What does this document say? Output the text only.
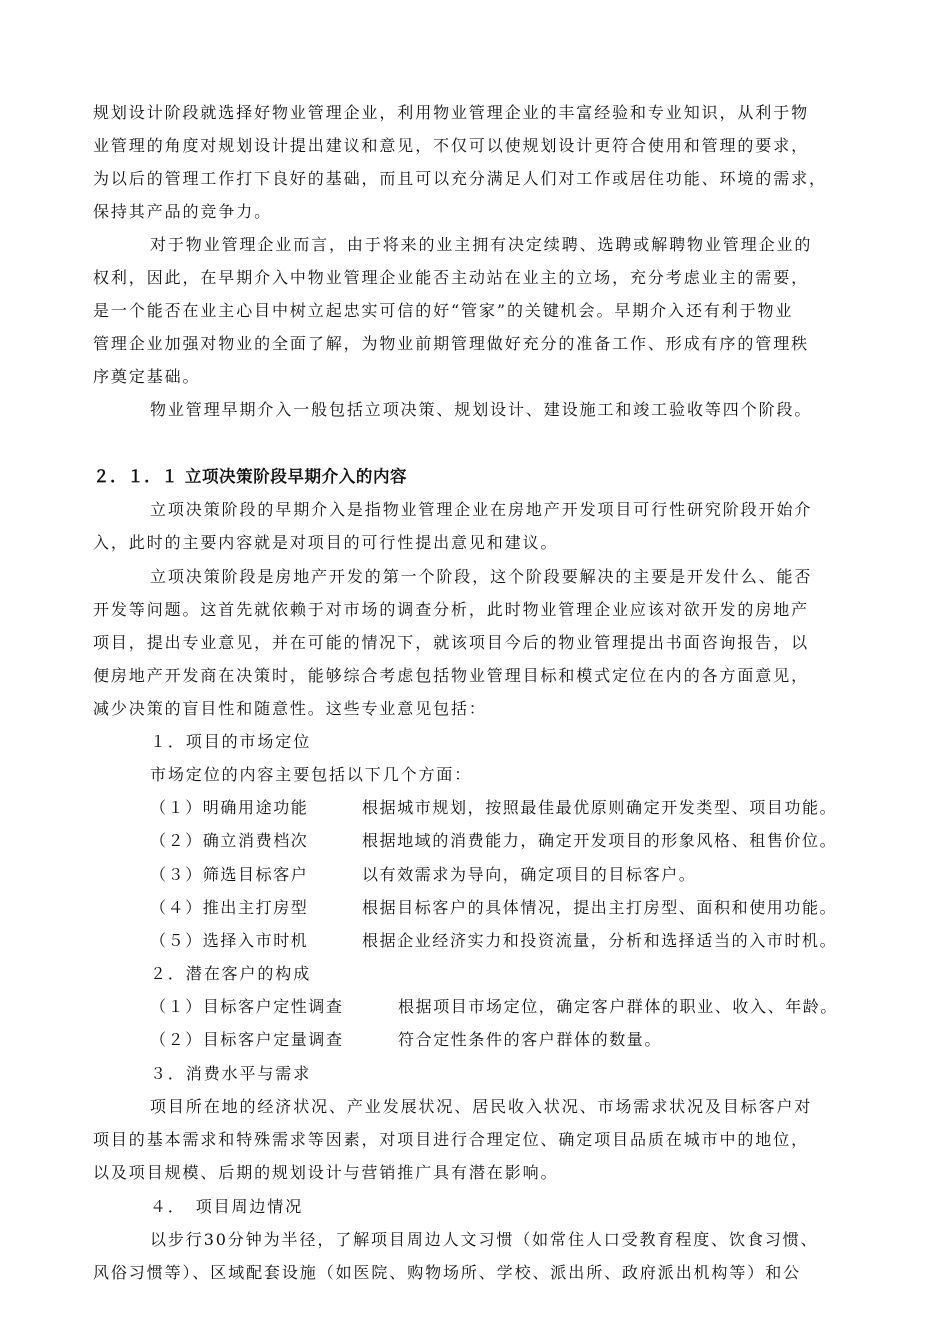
规划设计阶段就选择好物业管理企业，利用物业管理企业的丰富经验和专业知识，从利于物
业管理的角度对规划设计提出建议和意见，不仅可以使规划设计更符合使用和管理的要求，
为以后的管理工作打下良好的基础，而且可以充分满足人们对工作或居住功能、环境的需求，
保持其产品的竞争力。
对于物业管理企业而言，由于将来的业主拥有决定续聘、选聘或解聘物业管理企业的
权利，因此，在早期介入中物业管理企业能否主动站在业主的立场，充分考虑业主的需要，
是一个能否在业主心目中树立起忠实可信的好“管家”的关键机会。早期介入还有利于物业
管理企业加强对物业的全面了解，为物业前期管理做好充分的准备工作、形成有序的管理秩
序奠定基础。
物业管理早期介入一般包括立项决策、规划设计、建设施工和竣工验收等四个阶段。
２．１．１ 立项决策阶段早期介入的内容
立项决策阶段的早期介入是指物业管理企业在房地产开发项目可行性研究阶段开始介
入，此时的主要内容就是对项目的可行性提出意见和建议。
立项决策阶段是房地产开发的第一个阶段，这个阶段要解决的主要是开发什么、能否
开发等问题。这首先就依赖于对市场的调查分析，此时物业管理企业应该对欲开发的房地产
项目，提出专业意见，并在可能的情况下，就该项目今后的物业管理提出书面咨询报告，以
便房地产开发商在决策时，能够综合考虑包括物业管理目标和模式定位在内的各方面意见，
减少决策的盲目性和随意性。这些专业意见包括：
１．项目的市场定位
市场定位的内容主要包括以下几个方面：
（１）明确用途功能	根据城市规划，按照最佳最优原则确定开发类型、项目功能。
（２）确立消费档次	根据地域的消费能力，确定开发项目的形象风格、租售价位。
（３）筛选目标客户	以有效需求为导向，确定项目的目标客户。
（４）推出主打房型	根据目标客户的具体情况，提出主打房型、面积和使用功能。
（５）选择入市时机	根据企业经济实力和投资流量，分析和选择适当的入市时机。
２．潜在客户的构成
（１）目标客户定性调查	根据项目市场定位，确定客户群体的职业、收入、年龄。
（２）目标客户定量调查	符合定性条件的客户群体的数量。
３．消费水平与需求
项目所在地的经济状况、产业发展状况、居民收入状况、市场需求状况及目标客户对
项目的基本需求和特殊需求等因素，对项目进行合理定位、确定项目品质在城市中的地位，
以及项目规模、后期的规划设计与营销推广具有潜在影响。
４．　项目周边情况
以步行30分钟为半径，了解项目周边人文习惯（如常住人口受教育程度、饮食习惯、
风俗习惯等）、区域配套设施（如医院、购物场所、学校、派出所、政府派出机构等）和公
